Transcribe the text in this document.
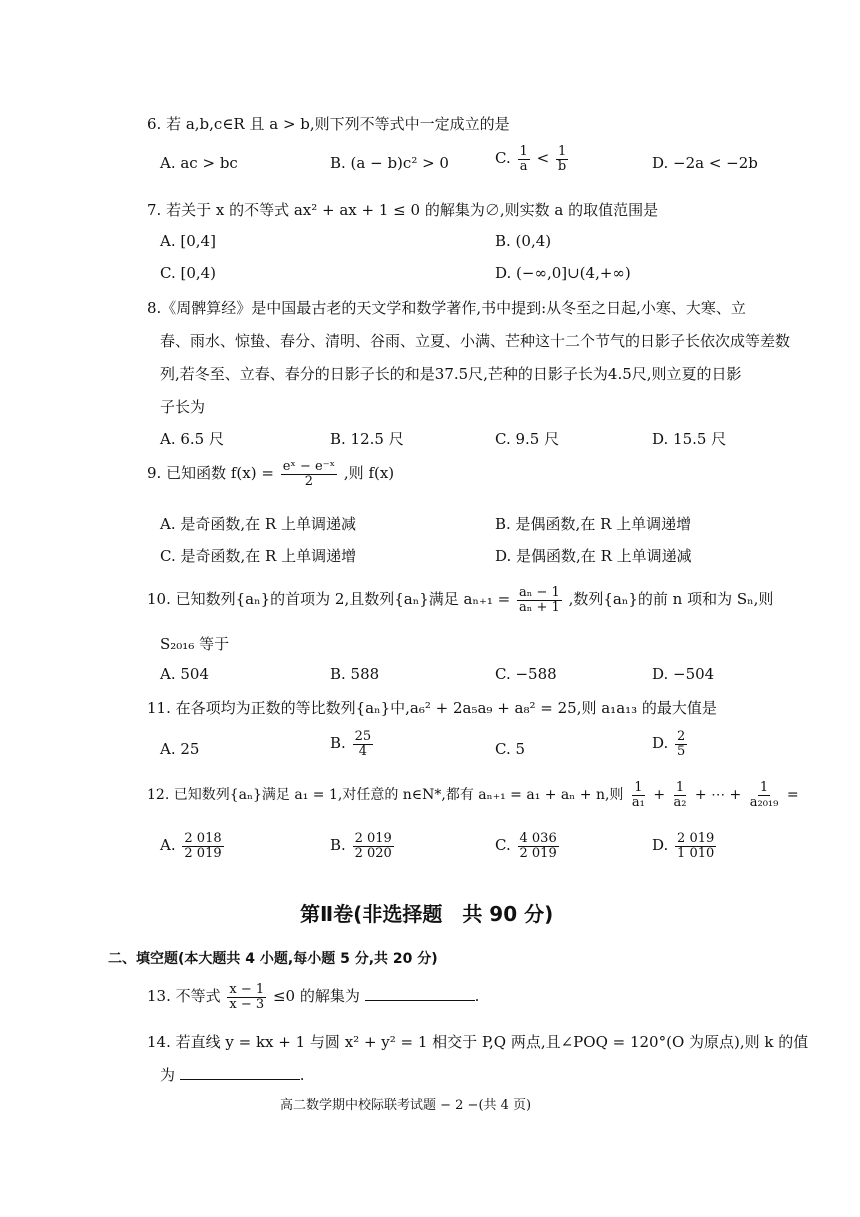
6. 若 a,b,c∈R 且 a > b,则下列不等式中一定成立的是
A. ac > bc	B. (a − b)c² > 0	C. $\frac{1}{a} < \frac{1}{b}$	D. −2a < −2b
7. 若关于 x 的不等式 ax² + ax + 1 ≤ 0 的解集为∅,则实数 a 的取值范围是
A. [0,4]	B. (0,4)
C. [0,4)	D. (−∞,0]∪(4,+∞)
8.《周髀算经》是中国最古老的天文学和数学著作,书中提到:从冬至之日起,小寒、大寒、立
春、雨水、惊蛰、春分、清明、谷雨、立夏、小满、芒种这十二个节气的日影子长依次成等差数
列,若冬至、立春、春分的日影子长的和是37.5尺,芒种的日影子长为4.5尺,则立夏的日影
子长为
A. 6.5 尺	B. 12.5 尺	C. 9.5 尺	D. 15.5 尺
9. 已知函数 $f(x) = \frac{\text{eˣ − e⁻ˣ}}{2}$ ,则 f(x)
A. 是奇函数,在 R 上单调递减	B. 是偶函数,在 R 上单调递增
C. 是奇函数,在 R 上单调递增	D. 是偶函数,在 R 上单调递减
10. 已知数列{aₙ}的首项为 2,且数列{aₙ}满足 $a_{n+1} = \frac{\text{aₙ − 1}}{\text{aₙ + 1}}$ ,数列{aₙ}的前 n 项和为 Sₙ,则
S₂₀₁₆ 等于
A. 504	B. 588	C. −588	D. −504
11. 在各项均为正数的等比数列{aₙ}中,a₆² + 2a₅a₉ + a₈² = 25,则 a₁a₁₃ 的最大值是
A. 25	B. $\frac{25}{4}$	C. 5	D. $\frac{2}{5}$
12. 已知数列{aₙ}满足 a₁ = 1,对任意的 n∈N*,都有 aₙ₊₁ = a₁ + aₙ + n,则 $\frac{1}{\text{a₁}} + \frac{1}{\text{a₂}}$ + ⋯ + $\frac{1}{\text{a₂₀₁₉}}$ =
A. $\frac{2 018}{2 019}$	B. $\frac{2 019}{2 020}$	C. $\frac{4 036}{2 019}$	D. $\frac{2 019}{1 010}$
第Ⅱ卷(非选择题　共 90 分)
二、填空题(本大题共 4 小题,每小题 5 分,共 20 分)
13. 不等式 $\frac{x - 1}{x - 3} \le 0$ 的解集为	.
14. 若直线 y = kx + 1 与圆 x² + y² = 1 相交于 P,Q 两点,且∠POQ = 120°(O 为原点),则 k 的值
为	.
高二数学期中校际联考试题 − 2 −(共 4 页)
